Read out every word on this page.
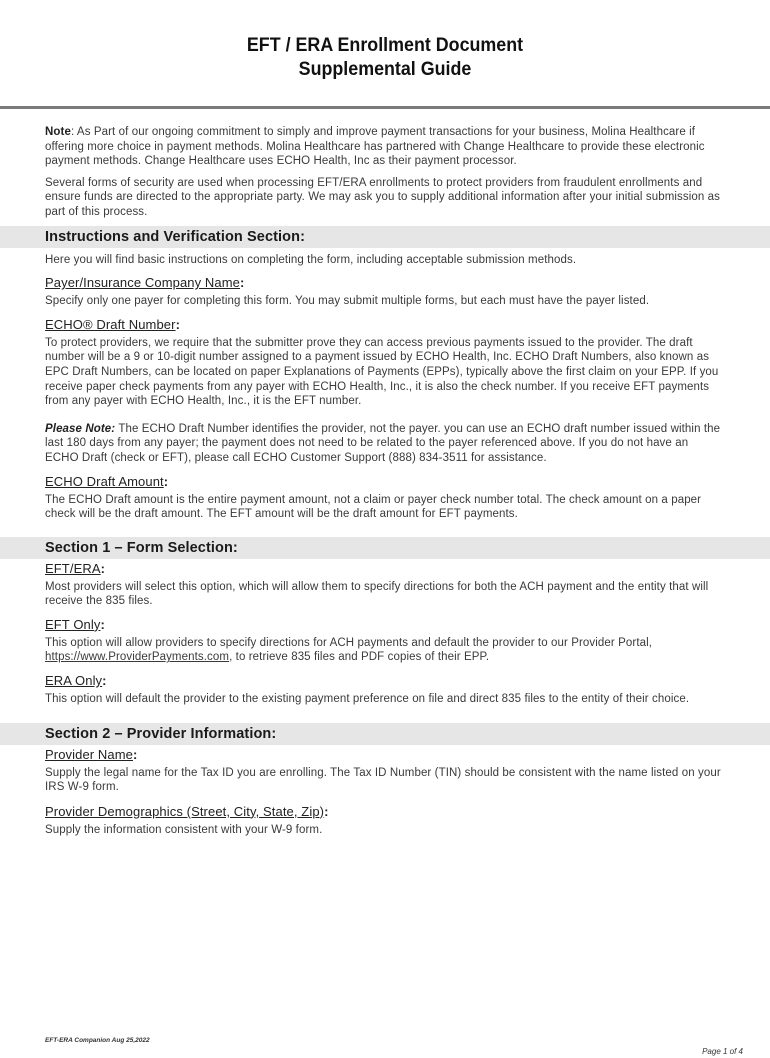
EFT / ERA Enrollment Document
Supplemental Guide

Note: As Part of our ongoing commitment to simply and improve payment transactions for your business, Molina Healthcare if offering more choice in payment methods. Molina Healthcare has partnered with Change Healthcare to provide these electronic payment methods. Change Healthcare uses ECHO Health, Inc as their payment processor.

Several forms of security are used when processing EFT/ERA enrollments to protect providers from fraudulent enrollments and ensure funds are directed to the appropriate party. We may ask you to supply additional information after your initial submission as part of this process.

Instructions and Verification Section:

Here you will find basic instructions on completing the form, including acceptable submission methods.

Payer/Insurance Company Name:

Specify only one payer for completing this form. You may submit multiple forms, but each must have the payer listed.

ECHO® Draft Number:

To protect providers, we require that the submitter prove they can access previous payments issued to the provider. The draft number will be a 9 or 10-digit number assigned to a payment issued by ECHO Health, Inc. ECHO Draft Numbers, also known as EPC Draft Numbers, can be located on paper Explanations of Payments (EPPs), typically above the first claim on your EPP. If you receive paper check payments from any payer with ECHO Health, Inc., it is also the check number. If you receive EFT payments from any payer with ECHO Health, Inc., it is the EFT number.

Please Note: The ECHO Draft Number identifies the provider, not the payer. you can use an ECHO draft number issued within the last 180 days from any payer; the payment does not need to be related to the payer referenced above. If you do not have an ECHO Draft (check or EFT), please call ECHO Customer Support (888) 834-3511 for assistance.

ECHO Draft Amount:

The ECHO Draft amount is the entire payment amount, not a claim or payer check number total. The check amount on a paper check will be the draft amount. The EFT amount will be the draft amount for EFT payments.

Section 1 – Form Selection:
EFT/ERA:

Most providers will select this option, which will allow them to specify directions for both the ACH payment and the entity that will receive the 835 files.

EFT Only:

This option will allow providers to specify directions for ACH payments and default the provider to our Provider Portal, https://www.ProviderPayments.com, to retrieve 835 files and PDF copies of their EPP.

ERA Only:

This option will default the provider to the existing payment preference on file and direct 835 files to the entity of their choice.

Section 2 – Provider Information:
Provider Name:

Supply the legal name for the Tax ID you are enrolling. The Tax ID Number (TIN) should be consistent with the name listed on your IRS W-9 form.

Provider Demographics (Street, City, State, Zip):

Supply the information consistent with your W-9 form.

EFT-ERA Companion Aug 25,2022
Page 1 of 4
